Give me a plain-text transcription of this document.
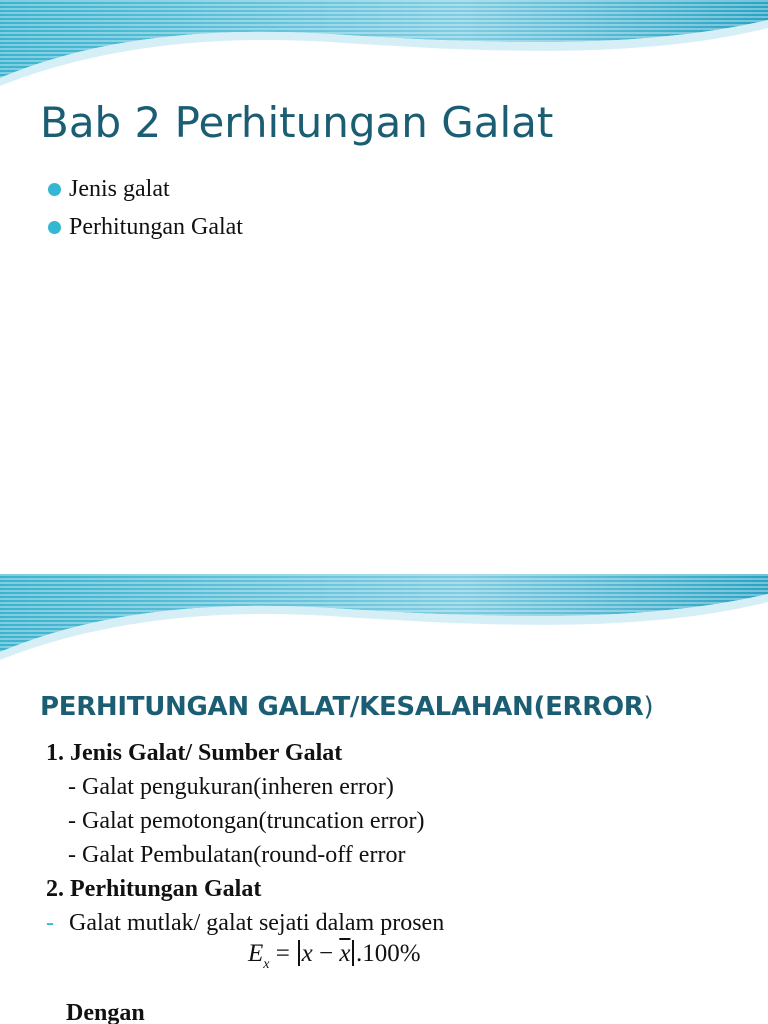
Bab 2 Perhitungan Galat
Jenis galat
Perhitungan Galat
PERHITUNGAN GALAT/KESALAHAN(ERROR)
1. Jenis Galat/ Sumber Galat
- Galat pengukuran(inheren error)
- Galat pemotongan(truncation error)
- Galat Pembulatan(round-off error
2. Perhitungan Galat
- Galat mutlak/ galat sejati dalam prosen
$E_x = x - \overline{x}$ .100%
Dengan
